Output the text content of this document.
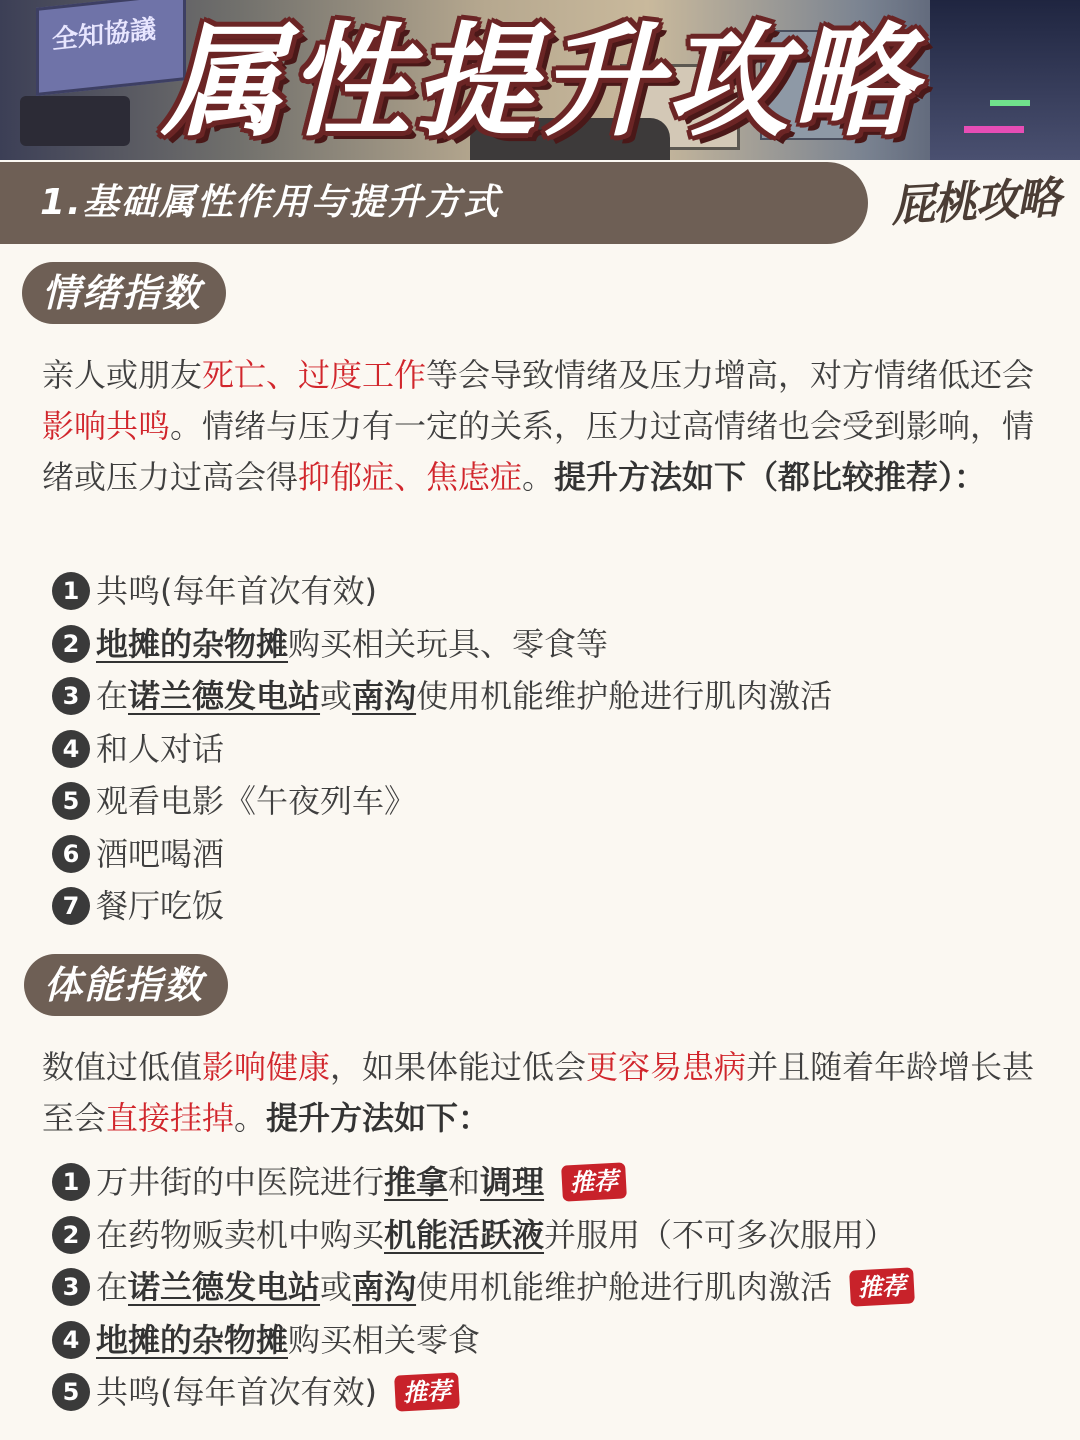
属性提升攻略
1.基础属性作用与提升方式	屁桃攻略
情绪指数
亲人或朋友死亡、过度工作等会导致情绪及压力增高，对方情绪低还会影响共鸣。情绪与压力有一定的关系，压力过高情绪也会受到影响，情绪或压力过高会得抑郁症、焦虑症。提升方法如下（都比较推荐）：
1 共鸣(每年首次有效)
2 地摊的杂物摊 购买相关玩具、零食等
3 在 诺兰德发电站 或 南沟 使用机能维护舱进行肌肉激活
4 和人对话
5 观看电影《午夜列车》
6 酒吧喝酒
7 餐厅吃饭
体能指数
数值过低值影响健康，如果体能过低会更容易患病并且随着年龄增长甚至会直接挂掉。提升方法如下：
1 万井街的中医院进行 推拿 和 调理	推荐
2 在药物贩卖机中购买 机能活跃液 并服用（不可多次服用）
3 在 诺兰德发电站 或 南沟 使用机能维护舱进行肌肉激活	推荐
4 地摊的杂物摊 购买相关零食
5 共鸣(每年首次有效)	推荐
全知協議
